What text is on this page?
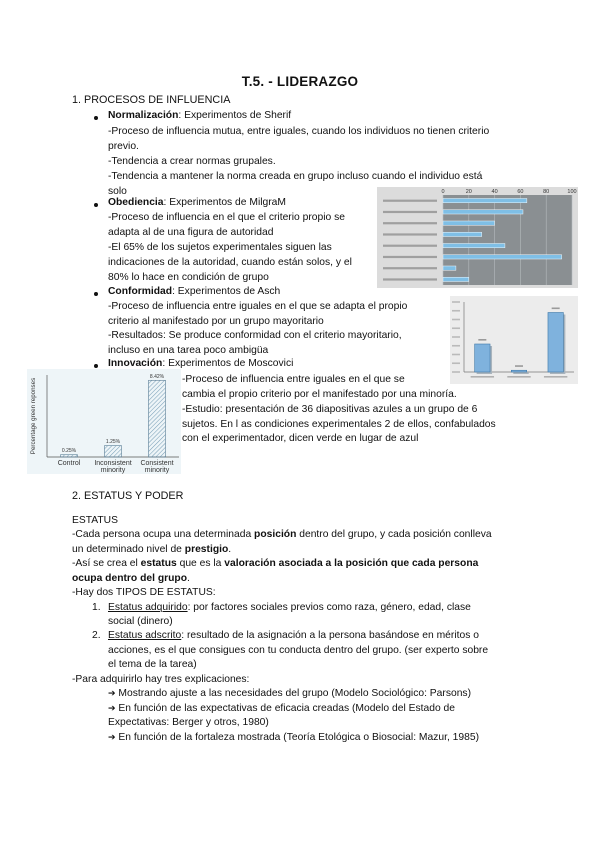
T.5. - LIDERAZGO
1. PROCESOS DE INFLUENCIA
Normalización: Experimentos de Sherif
-Proceso de influencia mutua, entre iguales, cuando los individuos no tienen criterio
previo.
-Tendencia a crear normas grupales.
-Tendencia a mantener la norma creada en grupo incluso cuando el individuo está
solo
Obediencia: Experimentos de MilgraM
-Proceso de influencia en el que el criterio propio se
adapta al de una figura de autoridad
-El 65% de los sujetos experimentales siguen las
indicaciones de la autoridad, cuando están solos, y el
80% lo hace en condición de grupo
Conformidad: Experimentos de Asch
-Proceso de influencia entre iguales en el que se adapta el propio
criterio al manifestado por un grupo mayoritario
-Resultados: Se produce conformidad con el criterio mayoritario,
incluso en una tarea poco ambigüa
Innovación: Experimentos de Moscovici
-Proceso de influencia entre iguales en el que se
cambia el propio criterio por el manifestado por una minoría.
-Estudio: presentación de 36 diapositivas azules a un grupo de 6
sujetos. En l as condiciones experimentales 2 de ellos, confabulados
con el experimentador, dicen verde en lugar de azul
0	20	40	60	80	100
Percentage green reponses	0.25%
Control
1.25%
Inconsistent
minority
8.42%
Consistent
minority
2. ESTATUS Y PODER
ESTATUS
-Cada persona ocupa una determinada posición dentro del grupo, y cada posición conlleva
un determinado nivel de prestigio.
-Así se crea el estatus que es la valoración asociada a la posición que cada persona
ocupa dentro del grupo.
-Hay dos TIPOS DE ESTATUS:
1. Estatus adquirido: por factores sociales previos como raza, género, edad, clase
social (dinero)
2. Estatus adscrito: resultado de la asignación a la persona basándose en méritos o
acciones, es el que consigues con tu conducta dentro del grupo. (ser experto sobre
el tema de la tarea)
-Para adquirirlo hay tres explicaciones:
➔ Mostrando ajuste a las necesidades del grupo (Modelo Sociológico: Parsons)
➔ En función de las expectativas de eficacia creadas (Modelo del Estado de
Expectativas: Berger y otros, 1980)
➔ En función de la fortaleza mostrada (Teoría Etológica o Biosocial: Mazur, 1985)
